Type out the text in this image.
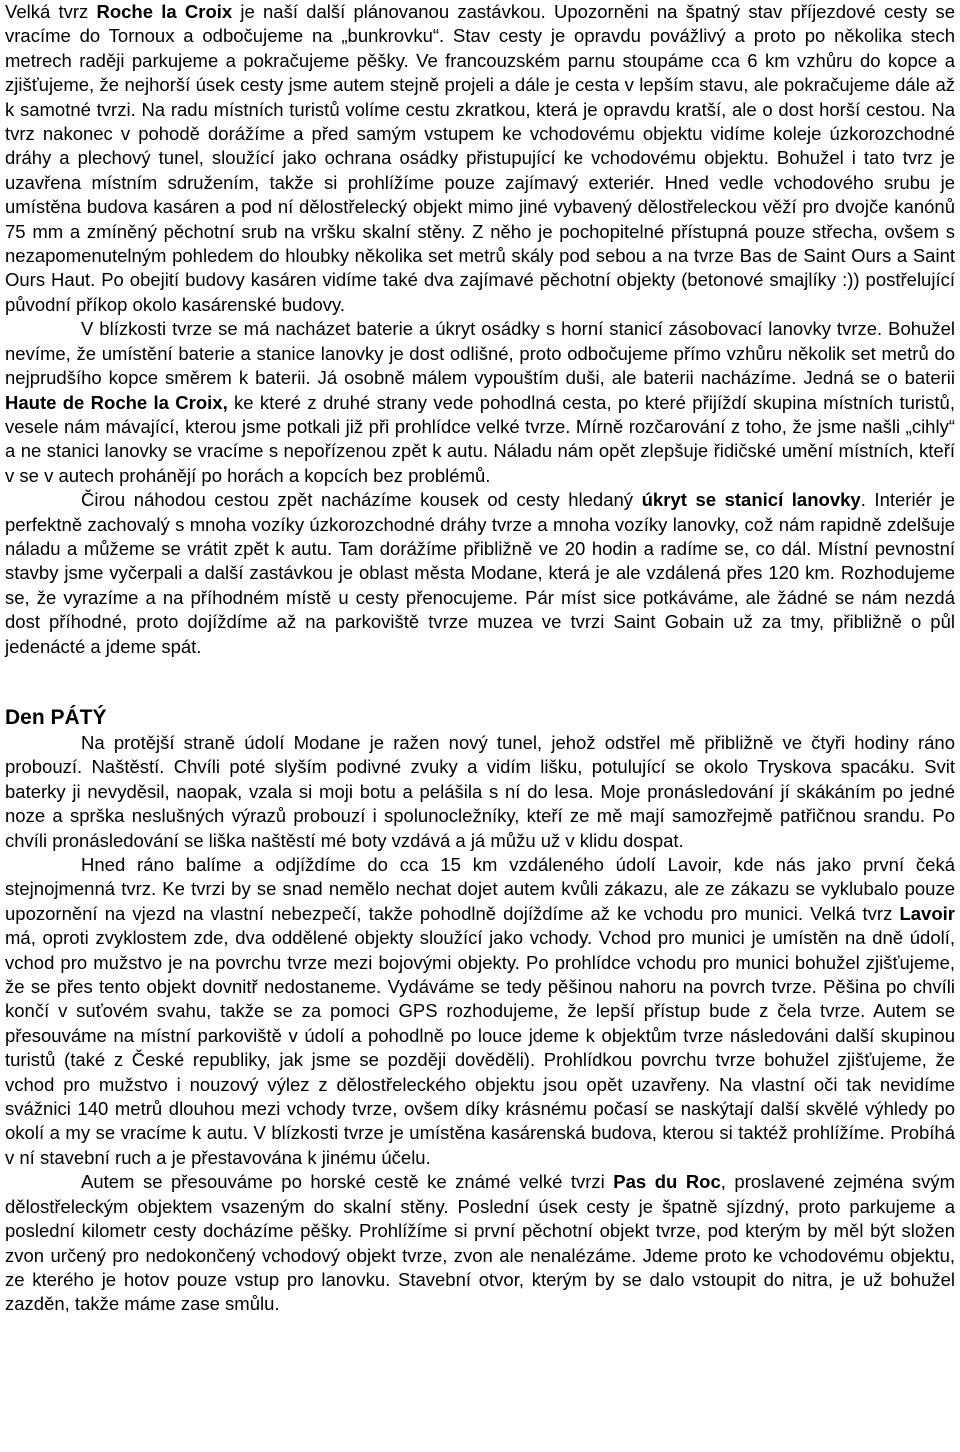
Velká tvrz Roche la Croix je naší další plánovanou zastávkou. Upozorněni na špatný stav příjezdové cesty se vracíme do Tornoux a odbočujeme na „bunkrovku“. Stav cesty je opravdu povážlivý a proto po několika stech metrech raději parkujeme a pokračujeme pěšky. Ve francouzském parnu stoupáme cca 6 km vzhůru do kopce a zjišťujeme, že nejhorší úsek cesty jsme autem stejně projeli a dále je cesta v lepším stavu, ale pokračujeme dále až k samotné tvrzi. Na radu místních turistů volíme cestu zkratkou, která je opravdu kratší, ale o dost horší cestou. Na tvrz nakonec v pohodě dorážíme a před samým vstupem ke vchodovému objektu vidíme koleje úzkorozchodné dráhy a plechový tunel, sloužící jako ochrana osádky přistupující ke vchodovému objektu. Bohužel i tato tvrz je uzavřena místním sdružením, takže si prohlížíme pouze zajímavý exteriér. Hned vedle vchodového srubu je umístěna budova kasáren a pod ní dělostřelecký objekt mimo jiné vybavený dělostřeleckou věží pro dvojče kanónů 75 mm a zmíněný pěchotní srub na vršku skalní stěny. Z něho je pochopitelné přístupná pouze střecha, ovšem s nezapomenutelným pohledem do hloubky několika set metrů skály pod sebou a na tvrze Bas de Saint Ours a Saint Ours Haut. Po obejití budovy kasáren vidíme také dva zajímavé pěchotní objekty (betonové smajlíky :)) postřelující původní příkop okolo kasárenské budovy.

V blízkosti tvrze se má nacházet baterie a úkryt osádky s horní stanicí zásobovací lanovky tvrze. Bohužel nevíme, že umístění baterie a stanice lanovky je dost odlišné, proto odbočujeme přímo vzhůru několik set metrů do nejprudšího kopce směrem k baterii. Já osobně málem vypouštím duši, ale baterii nacházíme. Jedná se o baterii Haute de Roche la Croix, ke které z druhé strany vede pohodlná cesta, po které přijíždí skupina místních turistů, vesele nám mávající, kterou jsme potkali již při prohlídce velké tvrze. Mírně rozčarování z toho, že jsme našli „cihly“ a ne stanici lanovky se vracíme s nepořízenou zpět k autu. Náladu nám opět zlepšuje řidičské umění místních, kteří v se v autech prohánějí po horách a kopcích bez problémů.

Čirou náhodou cestou zpět nacházíme kousek od cesty hledaný úkryt se stanicí lanovky. Interiér je perfektně zachovalý s mnoha vozíky úzkorozchodné dráhy tvrze a mnoha vozíky lanovky, což nám rapidně zdelšuje náladu a můžeme se vrátit zpět k autu. Tam dorážíme přibližně ve 20 hodin a radíme se, co dál. Místní pevnostní stavby jsme vyčerpali a další zastávkou je oblast města Modane, která je ale vzdálená přes 120 km. Rozhodujeme se, že vyrazíme a na příhodném místě u cesty přenocujeme. Pár míst sice potkáváme, ale žádné se nám nezdá dost příhodné, proto dojíždíme až na parkoviště tvrze muzea ve tvrzi Saint Gobain už za tmy, přibližně o půl jedenácté a jdeme spát.

Den PÁTÝ

Na protější straně údolí Modane je ražen nový tunel, jehož odstřel mě přibližně ve čtyři hodiny ráno probouzí. Naštěstí. Chvíli poté slyším podivné zvuky a vidím lišku, potulující se okolo Tryskova spacáku. Svit baterky ji nevyděsil, naopak, vzala si moji botu a pelášila s ní do lesa. Moje pronásledování jí skákáním po jedné noze a sprška neslušných výrazů probouzí i spolunocležníky, kteří ze mě mají samozřejmě patřičnou srandu. Po chvíli pronásledování se liška naštěstí mé boty vzdává a já můžu už v klidu dospat.

Hned ráno balíme a odjíždíme do cca 15 km vzdáleného údolí Lavoir, kde nás jako první čeká stejnojmenná tvrz. Ke tvrzi by se snad nemělo nechat dojet autem kvůli zákazu, ale ze zákazu se vyklubalo pouze upozornění na vjezd na vlastní nebezpečí, takže pohodlně dojíždíme až ke vchodu pro munici. Velká tvrz Lavoir má, oproti zvyklostem zde, dva oddělené objekty sloužící jako vchody. Vchod pro munici je umístěn na dně údolí, vchod pro mužstvo je na povrchu tvrze mezi bojovými objekty. Po prohlídce vchodu pro munici bohužel zjišťujeme, že se přes tento objekt dovnitř nedostaneme. Vydáváme se tedy pěšinou nahoru na povrch tvrze. Pěšina po chvíli končí v suťovém svahu, takže se za pomoci GPS rozhodujeme, že lepší přístup bude z čela tvrze. Autem se přesouváme na místní parkoviště v údolí a pohodlně po louce jdeme k objektům tvrze následováni další skupinou turistů (také z České republiky, jak jsme se později dověděli). Prohlídkou povrchu tvrze bohužel zjišťujeme, že vchod pro mužstvo i nouzový výlez z dělostřeleckého objektu jsou opět uzavřeny. Na vlastní oči tak nevidíme svážnici 140 metrů dlouhou mezi vchody tvrze, ovšem díky krásnému počasí se naskýtají další skvělé výhledy po okolí a my se vracíme k autu. V blízkosti tvrze je umístěna kasárenská budova, kterou si taktéž prohlížíme. Probíhá v ní stavební ruch a je přestavována k jinému účelu.

Autem se přesouváme po horské cestě ke známé velké tvrzi Pas du Roc, proslavené zejména svým dělostřeleckým objektem vsazeným do skalní stěny. Poslední úsek cesty je špatně sjízdný, proto parkujeme a poslední kilometr cesty docházíme pěšky. Prohlížíme si první pěchotní objekt tvrze, pod kterým by měl být složen zvon určený pro nedokončený vchodový objekt tvrze, zvon ale nenalézáme. Jdeme proto ke vchodovému objektu, ze kterého je hotov pouze vstup pro lanovku. Stavební otvor, kterým by se dalo vstoupit do nitra, je už bohužel zazděn, takže máme zase smůlu.
